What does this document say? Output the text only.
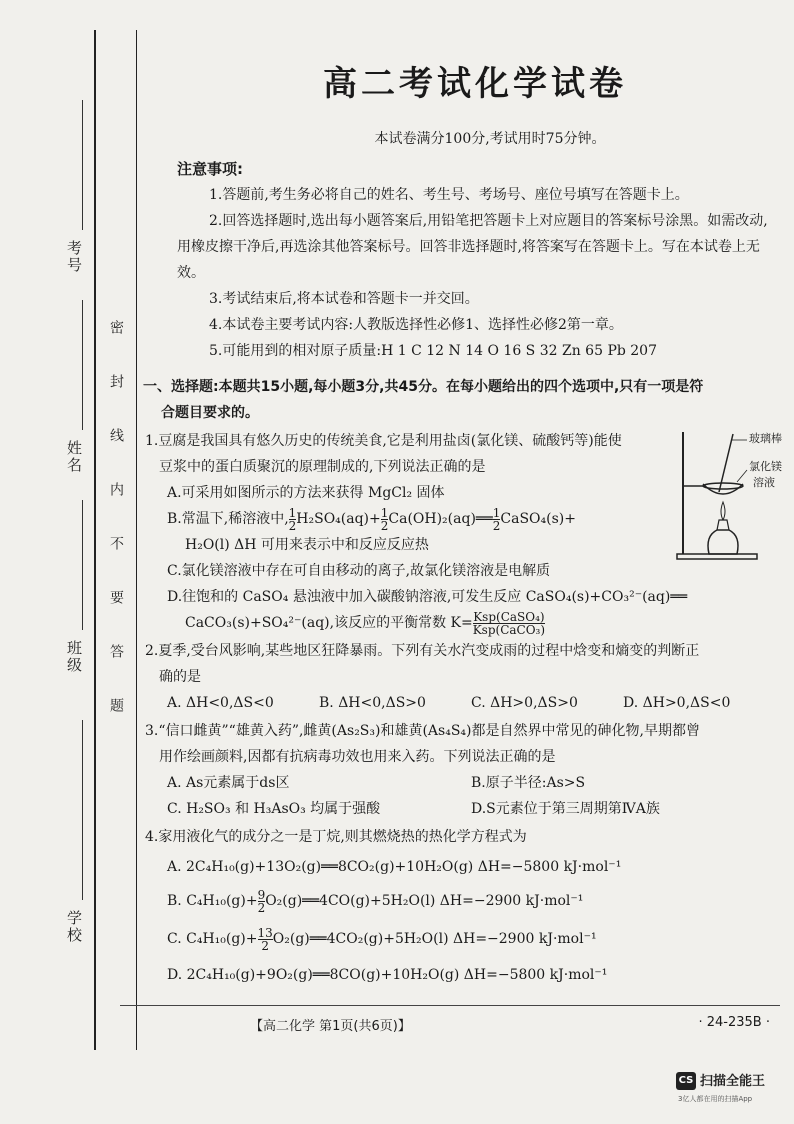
考号
姓名
班级
学校
密封线内不要答题
高二考试化学试卷
本试卷满分100分,考试用时75分钟。
注意事项:
1.答题前,考生务必将自己的姓名、考生号、考场号、座位号填写在答题卡上。
2.回答选择题时,选出每小题答案后,用铅笔把答题卡上对应题目的答案标号涂黑。如需改动,用橡皮擦干净后,再选涂其他答案标号。回答非选择题时,将答案写在答题卡上。写在本试卷上无效。
3.考试结束后,将本试卷和答题卡一并交回。
4.本试卷主要考试内容:人教版选择性必修1、选择性必修2第一章。
5.可能用到的相对原子质量:H 1 C 12 N 14 O 16 S 32 Zn 65 Pb 207
一、选择题:本题共15小题,每小题3分,共45分。在每小题给出的四个选项中,只有一项是符
合题目要求的。
1.豆腐是我国具有悠久历史的传统美食,它是利用盐卤(氯化镁、硫酸钙等)能使
豆浆中的蛋白质聚沉的原理制成的,下列说法正确的是
A.可采用如图所示的方法来获得 MgCl₂ 固体
B.常温下,稀溶液中, $\frac{1}{2} H_2SO_4(aq)+ \frac{1}{2}$ Ca(OH)₂(aq)══ $\frac{1}{2}$ CaSO₄(s)+
H₂O(l) ΔH 可用来表示中和反应反应热
C.氯化镁溶液中存在可自由移动的离子,故氯化镁溶液是电解质
D.往饱和的 CaSO₄ 悬浊液中加入碳酸钠溶液,可发生反应 CaSO₄(s)+CO₃²⁻(aq)══
CaCO₃(s)+SO₄²⁻(aq),该反应的平衡常数 $K= \frac{\text{Ksp(CaSO₄)}}{\text{Ksp(CaCO₃)}}$
2.夏季,受台风影响,某些地区狂降暴雨。下列有关水汽变成雨的过程中焓变和熵变的判断正
确的是
A. ΔH<0,ΔS<0	B. ΔH<0,ΔS>0	C. ΔH>0,ΔS>0	D. ΔH>0,ΔS<0
3.“信口雌黄”“雄黄入药”,雌黄(As₂S₃)和雄黄(As₄S₄)都是自然界中常见的砷化物,早期都曾
用作绘画颜料,因都有抗病毒功效也用来入药。下列说法正确的是
A. As元素属于ds区	B.原子半径:As>S
C. H₂SO₃ 和 H₃AsO₃ 均属于强酸	D.S元素位于第三周期第ⅣA族
4.家用液化气的成分之一是丁烷,则其燃烧热的热化学方程式为
A. 2C₄H₁₀(g)+13O₂(g)══8CO₂(g)+10H₂O(g) ΔH=−5800 kJ·mol⁻¹
B. $C_4H_{10}(g)+ \frac{9}{2}$ O₂(g)══4CO(g)+5H₂O(l) ΔH=−2900 kJ·mol⁻¹
C. $C_4H_{10}(g)+ \frac{13}{2}$ O₂(g)══4CO₂(g)+5H₂O(l) ΔH=−2900 kJ·mol⁻¹
D. 2C₄H₁₀(g)+9O₂(g)══8CO(g)+10H₂O(g) ΔH=−5800 kJ·mol⁻¹
玻璃棒
氯化镁
溶液
【高二化学 第1页(共6页)】	· 24-235B ·
CS 扫描全能王
3亿人都在用的扫描App
